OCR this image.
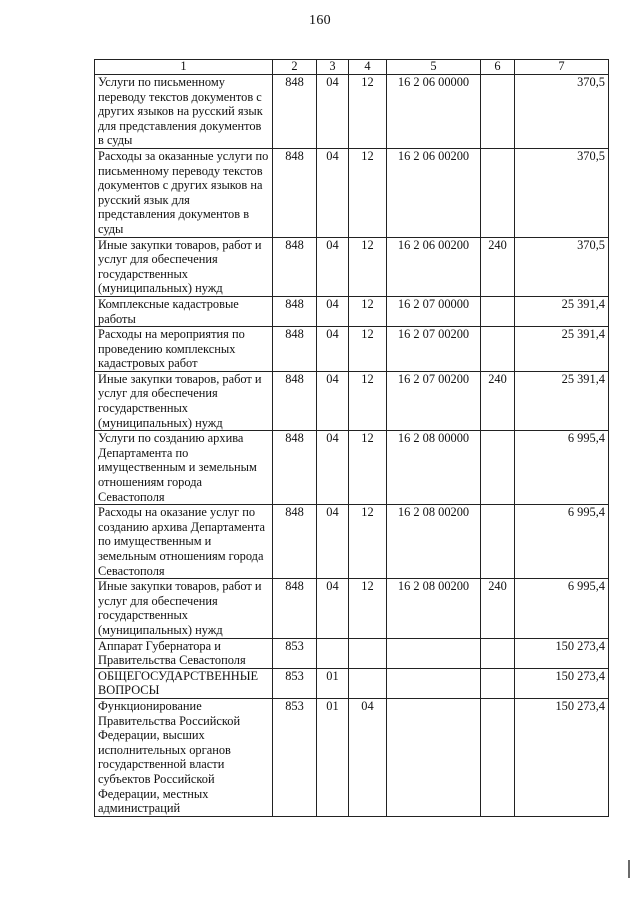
160
1	2	3	4	5	6	7
Услуги по письменному переводу текстов документов с других языков на русский язык для представления документов в суды	848	04	12	16 2 06 00000		370,5
Расходы за оказанные услуги по письменному переводу текстов документов с других языков на русский язык для представления документов в суды	848	04	12	16 2 06 00200		370,5
Иные закупки товаров, работ и услуг для обеспечения государственных (муниципальных) нужд	848	04	12	16 2 06 00200	240	370,5
Комплексные кадастровые работы	848	04	12	16 2 07 00000		25 391,4
Расходы на мероприятия по проведению комплексных кадастровых работ	848	04	12	16 2 07 00200		25 391,4
Иные закупки товаров, работ и услуг для обеспечения государственных (муниципальных) нужд	848	04	12	16 2 07 00200	240	25 391,4
Услуги по созданию архива Департамента по имущественным и земельным отношениям города Севастополя	848	04	12	16 2 08 00000		6 995,4
Расходы на оказание услуг по созданию архива Департамента по имущественным и земельным отношениям города Севастополя	848	04	12	16 2 08 00200		6 995,4
Иные закупки товаров, работ и услуг для обеспечения государственных (муниципальных) нужд	848	04	12	16 2 08 00200	240	6 995,4
Аппарат Губернатора и Правительства Севастополя	853					150 273,4
ОБЩЕГОСУДАРСТВЕННЫЕ ВОПРОСЫ	853	01				150 273,4
Функционирование Правительства Российской Федерации, высших исполнительных органов государственной власти субъектов Российской Федерации, местных администраций	853	01	04			150 273,4
